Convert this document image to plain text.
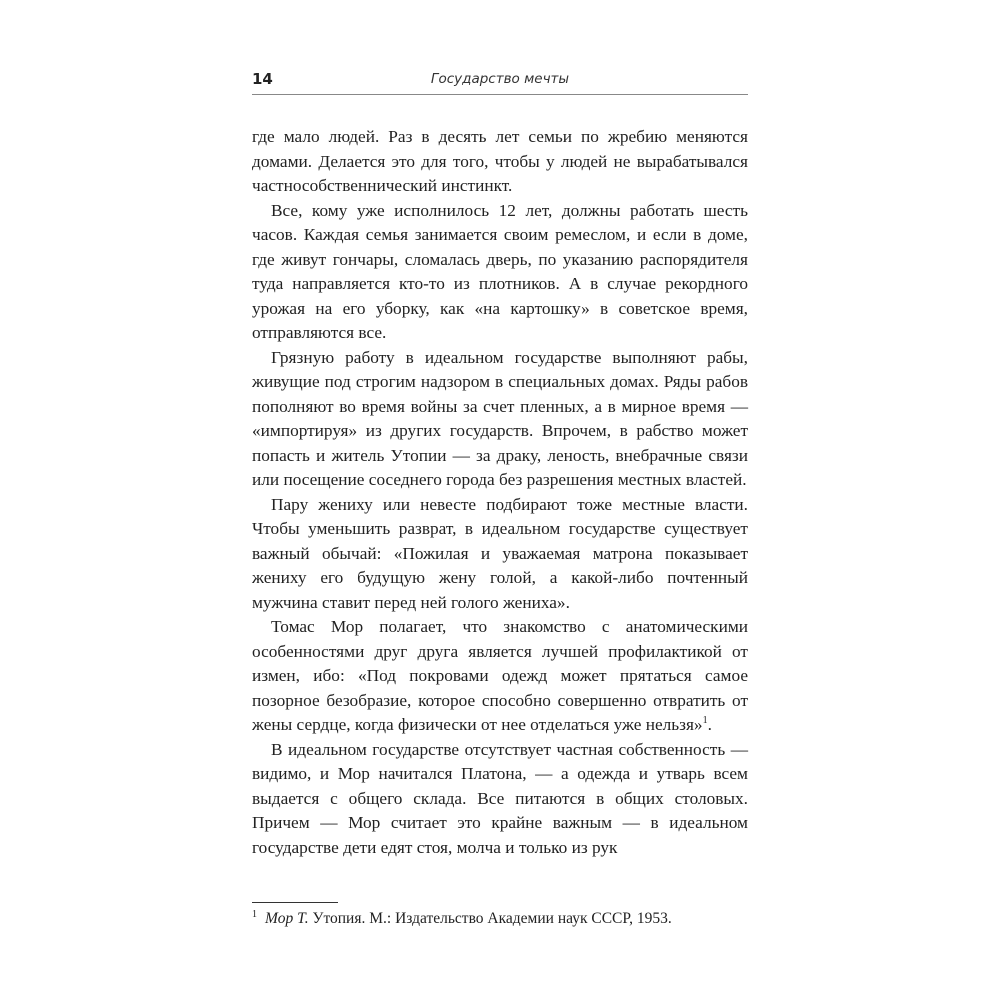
14	Государство мечты

где мало людей. Раз в десять лет семьи по жребию меняются домами. Делается это для того, чтобы у людей не вырабатывался частнособственнический инстинкт.

Все, кому уже исполнилось 12 лет, должны работать шесть часов. Каждая семья занимается своим ремеслом, и если в доме, где живут гончары, сломалась дверь, по указанию распорядителя туда направляется кто-то из плотников. А в случае рекордного урожая на его уборку, как «на картошку» в советское время, отправляются все.

Грязную работу в идеальном государстве выполняют рабы, живущие под строгим надзором в специальных домах. Ряды рабов пополняют во время войны за счет пленных, а в мирное время — «импортируя» из других государств. Впрочем, в рабство может попасть и житель Утопии — за драку, леность, внебрачные связи или посещение соседнего города без разрешения местных властей.

Пару жениху или невесте подбирают тоже местные власти. Чтобы уменьшить разврат, в идеальном государстве существует важный обычай: «Пожилая и уважаемая матрона показывает жениху его будущую жену голой, а какой-либо почтенный мужчина ставит перед ней голого жениха».

Томас Мор полагает, что знакомство с анатомическими особенностями друг друга является лучшей профилактикой от измен, ибо: «Под покровами одежд может прятаться самое позорное безобразие, которое способно совершенно отвратить от жены сердце, когда физически от нее отделаться уже нельзя»$^1$.

В идеальном государстве отсутствует частная собственность — видимо, и Мор начитался Платона, — а одежда и утварь всем выдается с общего склада. Все питаются в общих столовых. Причем — Мор считает это крайне важным — в идеальном государстве дети едят стоя, молча и только из рук

$^1$ Мор Т. Утопия. М.: Издательство Академии наук СССР, 1953.
